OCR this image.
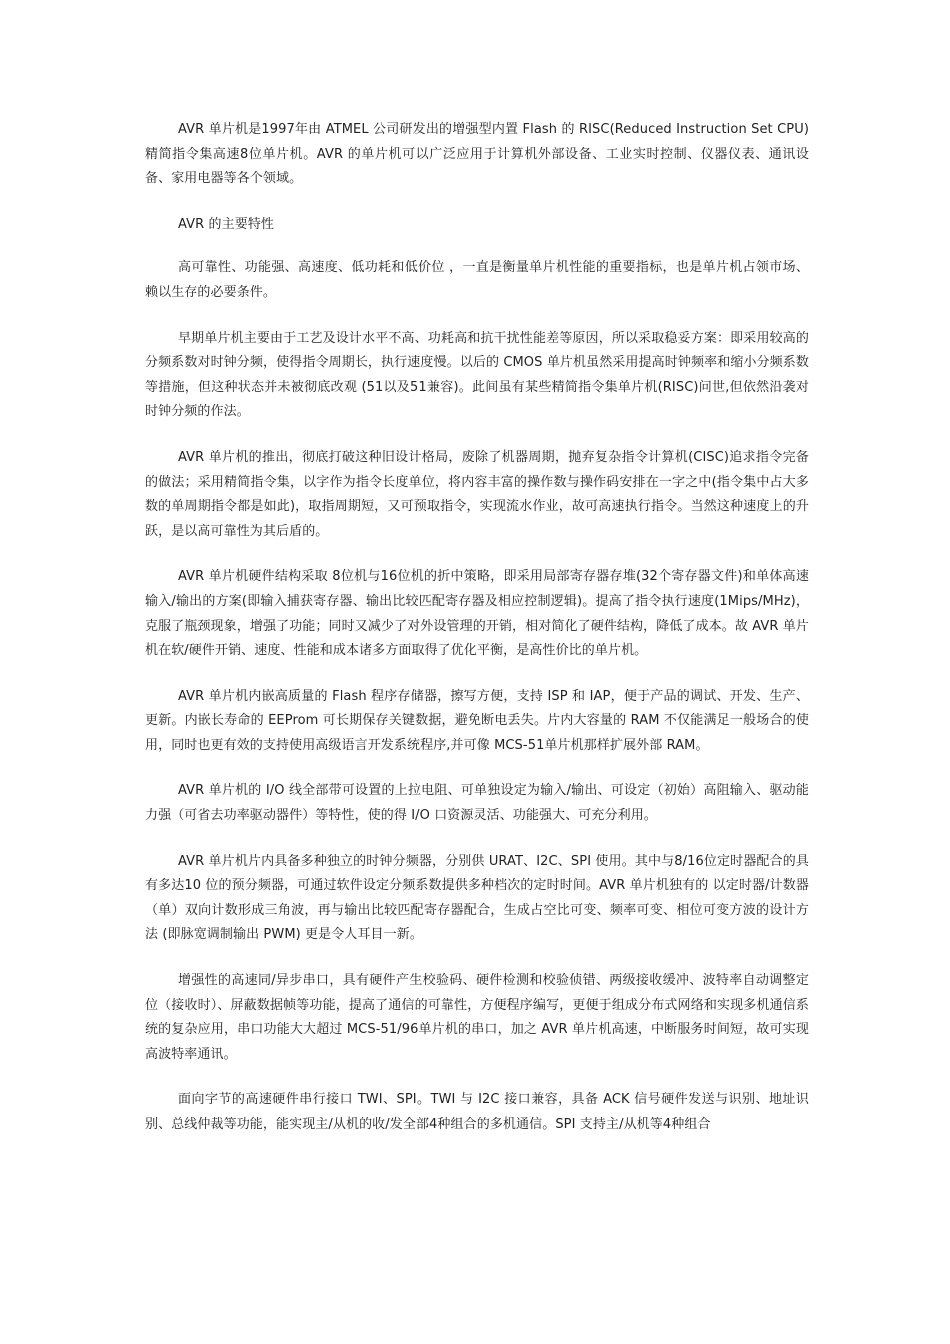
AVR 单片机是1997年由 ATMEL 公司研发出的增强型内置 Flash 的 RISC(Reduced Instruction Set CPU) 精简指令集高速8位单片机。AVR 的单片机可以广泛应用于计算机外部设备、工业实时控制、仪器仪表、通讯设备、家用电器等各个领域。

AVR 的主要特性

高可靠性、功能强、高速度、低功耗和低价位 ，一直是衡量单片机性能的重要指标，也是单片机占领市场、赖以生存的必要条件。

早期单片机主要由于工艺及设计水平不高、功耗高和抗干扰性能差等原因，所以采取稳妥方案：即采用较高的分频系数对时钟分频，使得指令周期长，执行速度慢。以后的 CMOS 单片机虽然采用提高时钟频率和缩小分频系数等措施，但这种状态并未被彻底改观 (51以及51兼容)。此间虽有某些精简指令集单片机(RISC)问世,但依然沿袭对时钟分频的作法。

AVR 单片机的推出，彻底打破这种旧设计格局，废除了机器周期，抛弃复杂指令计算机(CISC)追求指令完备的做法；采用精简指令集，以字作为指令长度单位，将内容丰富的操作数与操作码安排在一字之中(指令集中占大多数的单周期指令都是如此)，取指周期短，又可预取指令，实现流水作业，故可高速执行指令。当然这种速度上的升跃，是以高可靠性为其后盾的。

AVR 单片机硬件结构采取 8位机与16位机的折中策略，即采用局部寄存器存堆(32个寄存器文件)和单体高速输入/输出的方案(即输入捕获寄存器、输出比较匹配寄存器及相应控制逻辑)。提高了指令执行速度(1Mips/MHz)，克服了瓶颈现象，增强了功能；同时又减少了对外设管理的开销，相对简化了硬件结构，降低了成本。故 AVR 单片机在软/硬件开销、速度、性能和成本诸多方面取得了优化平衡，是高性价比的单片机。

AVR 单片机内嵌高质量的 Flash 程序存储器，擦写方便，支持 ISP 和 IAP，便于产品的调试、开发、生产、更新。内嵌长寿命的 EEProm 可长期保存关键数据，避免断电丢失。片内大容量的 RAM 不仅能满足一般场合的使用，同时也更有效的支持使用高级语言开发系统程序,并可像 MCS-51单片机那样扩展外部 RAM。

AVR 单片机的 I/O 线全部带可设置的上拉电阻、可单独设定为输入/输出、可设定（初始）高阻输入、驱动能力强（可省去功率驱动器件）等特性，使的得 I/O 口资源灵活、功能强大、可充分利用。

AVR 单片机片内具备多种独立的时钟分频器，分别供 URAT、I2C、SPI 使用。其中与8/16位定时器配合的具有多达10 位的预分频器，可通过软件设定分频系数提供多种档次的定时时间。AVR 单片机独有的 以定时器/计数器（单）双向计数形成三角波，再与输出比较匹配寄存器配合，生成占空比可变、频率可变、相位可变方波的设计方法 (即脉宽调制输出 PWM) 更是令人耳目一新。

增强性的高速同/异步串口，具有硬件产生校验码、硬件检测和校验侦错、两级接收缓冲、波特率自动调整定位（接收时）、屏蔽数据帧等功能，提高了通信的可靠性，方便程序编写，更便于组成分布式网络和实现多机通信系统的复杂应用，串口功能大大超过 MCS-51/96单片机的串口，加之 AVR 单片机高速，中断服务时间短，故可实现高波特率通讯。

面向字节的高速硬件串行接口 TWI、SPI。TWI 与 I2C 接口兼容，具备 ACK 信号硬件发送与识别、地址识别、总线仲裁等功能，能实现主/从机的收/发全部4种组合的多机通信。SPI 支持主/从机等4种组合
